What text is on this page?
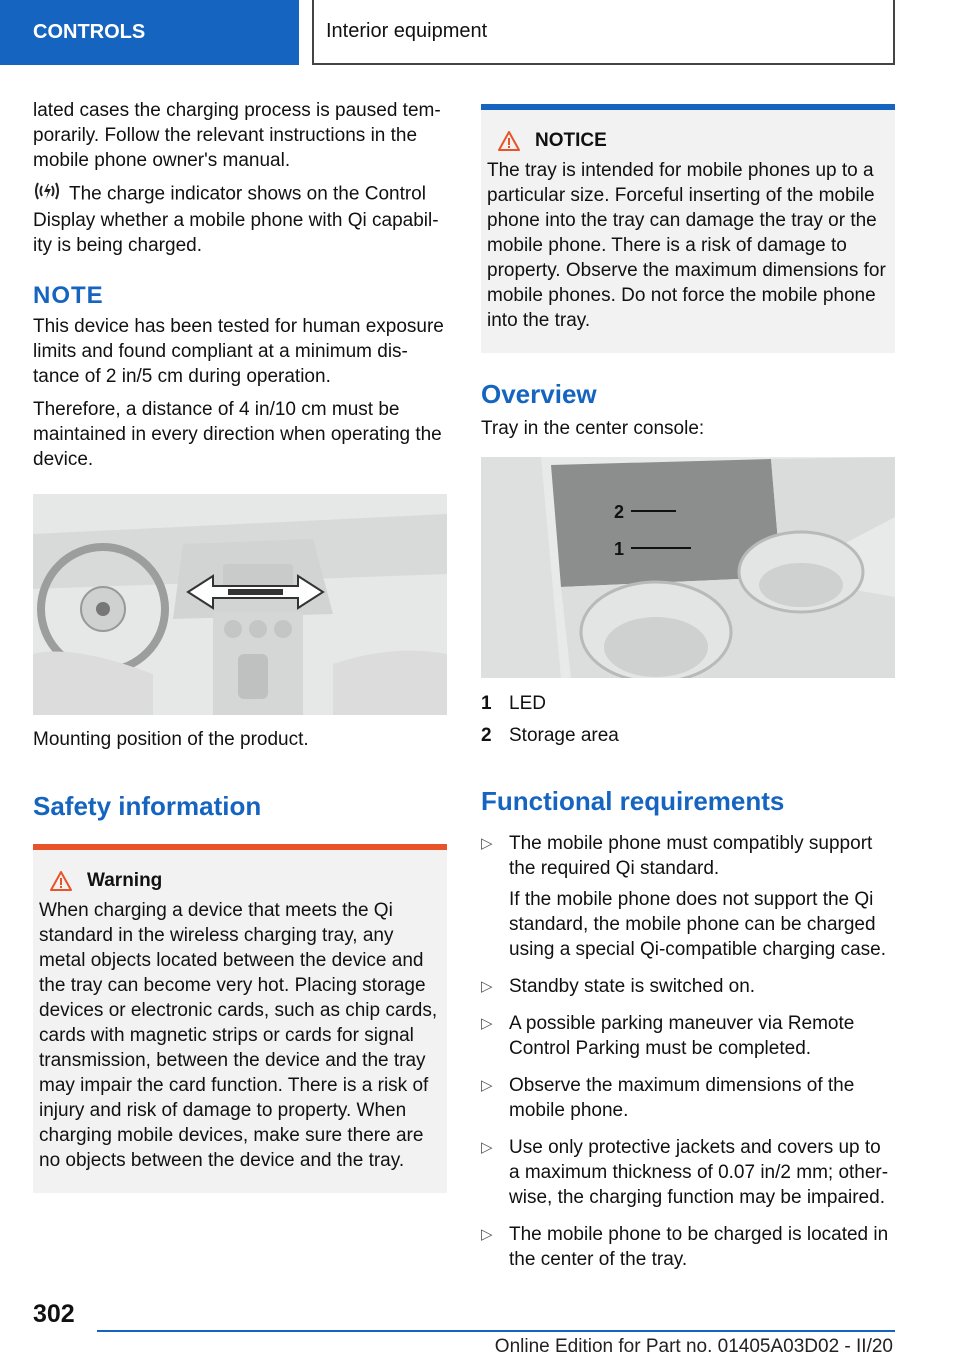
CONTROLS	Interior equipment

lated cases the charging process is paused temporarily. Follow the relevant instructions in the mobile phone owner's manual.

The charge indicator shows on the Control Display whether a mobile phone with Qi capability is being charged.

NOTE

This device has been tested for human exposure limits and found compliant at a minimum distance of 2 in/5 cm during operation.

Therefore, a distance of 4 in/10 cm must be maintained in every direction when operating the device.

Mounting position of the product.
Safety information
Warning
When charging a device that meets the Qi standard in the wireless charging tray, any metal objects located between the device and the tray can become very hot. Placing storage devices or electronic cards, such as chip cards, cards with magnetic strips or cards for signal transmission, between the device and the tray may impair the card function. There is a risk of injury and risk of damage to property. When charging mobile devices, make sure there are no objects between the device and the tray.
NOTICE
The tray is intended for mobile phones up to a particular size. Forceful inserting of the mobile phone into the tray can damage the tray or the mobile phone. There is a risk of damage to property. Observe the maximum dimensions for mobile phones. Do not force the mobile phone into the tray.
Overview

Tray in the center console:

2
1
1 LED
2 Storage area
Functional requirements
▷ The mobile phone must compatibly support the required Qi standard.

If the mobile phone does not support the Qi standard, the mobile phone can be charged using a special Qi-compatible charging case.

▷ Standby state is switched on.
▷ A possible parking maneuver via Remote Control Parking must be completed.
▷ Observe the maximum dimensions of the mobile phone.
▷ Use only protective jackets and covers up to a maximum thickness of 0.07 in/2 mm; otherwise, the charging function may be impaired.
▷ The mobile phone to be charged is located in the center of the tray.
302
Online Edition for Part no. 01405A03D02 - II/20
